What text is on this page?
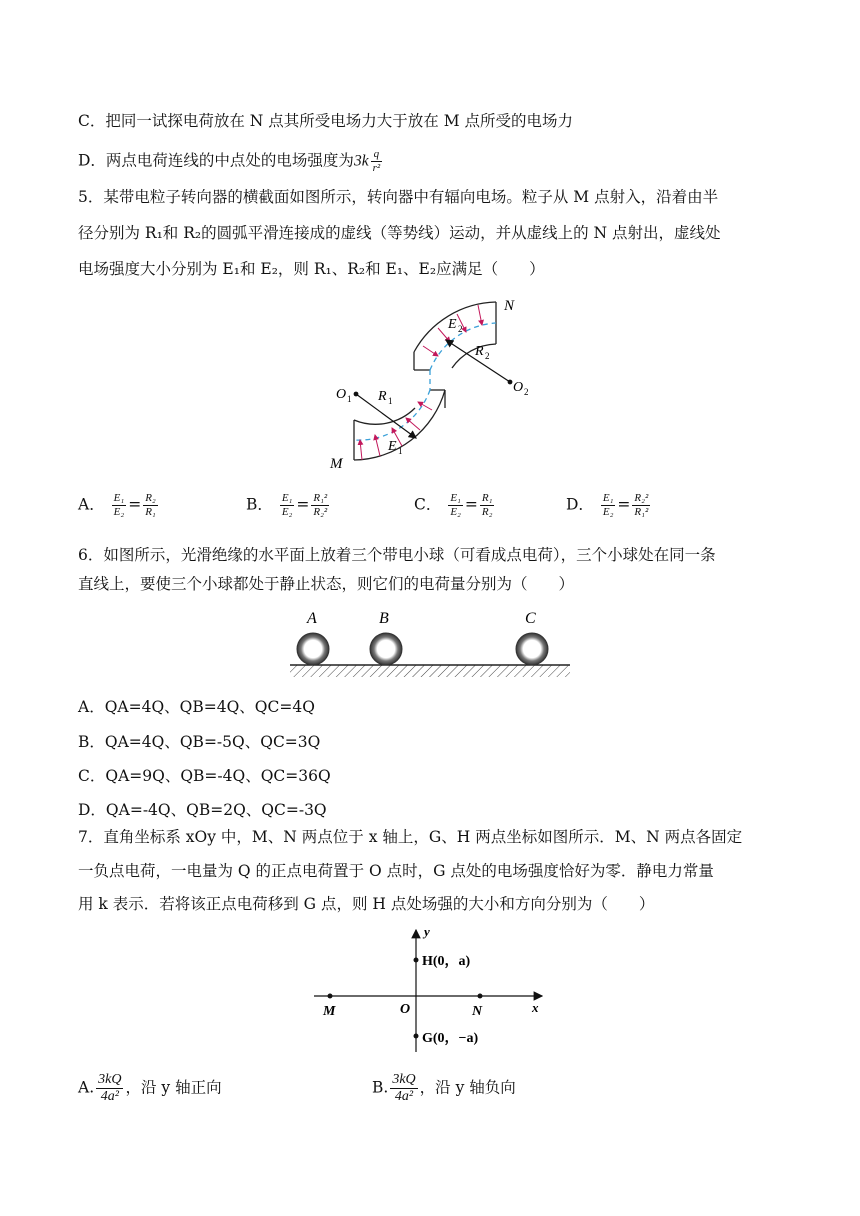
C．把同一试探电荷放在 N 点其所受电场力大于放在 M 点所受的电场力
D．两点电荷连线的中点处的电场强度为$3k \frac{q}{\text{r²}}$
5．某带电粒子转向器的横截面如图所示，转向器中有辐向电场。粒子从 M 点射入，沿着由半
径分别为 R₁和 R₂的圆弧平滑连接成的虚线（等势线）运动，并从虚线上的 N 点射出，虚线处
电场强度大小分别为 E₁和 E₂，则 R₁、R₂和 E₁、E₂应满足（　　）
N
M
O 1
O 2
R 1
R 2
E 1
E 2
A． $\frac{\text{E₁}}{\text{E₂}} = \frac{\text{R₂}}{\text{R₁}}$	B． $\frac{\text{E₁}}{\text{E₂}} = \frac{\text{R₁²}}{\text{R₂²}}$	C． $\frac{\text{E₁}}{\text{E₂}} = \frac{\text{R₁}}{\text{R₂}}$	D． $\frac{\text{E₁}}{\text{E₂}} = \frac{\text{R₂²}}{\text{R₁²}}$
6．如图所示，光滑绝缘的水平面上放着三个带电小球（可看成点电荷），三个小球处在同一条
直线上，要使三个小球都处于静止状态，则它们的电荷量分别为（　　）
A	B	C
A．QA=4Q、QB=4Q、QC=4Q
B．QA=4Q、QB=-5Q、QC=3Q
C．QA=9Q、QB=-4Q、QC=36Q
D．QA=-4Q、QB=2Q、QC=-3Q
7．直角坐标系 xOy 中，M、N 两点位于 x 轴上，G、H 两点坐标如图所示．M、N 两点各固定
一负点电荷，一电量为 Q 的正点电荷置于 O 点时，G 点处的电场强度恰好为零．静电力常量
用 k 表示．若将该正点电荷移到 G 点，则 H 点处场强的大小和方向分别为（　　）
y
x
O
M	N
H(0，a)
G(0，−a)
A. $\frac{3kQ}{\text{4a²}}$ ，沿 y 轴正向	B. $\frac{3kQ}{\text{4a²}}$ ，沿 y 轴负向
